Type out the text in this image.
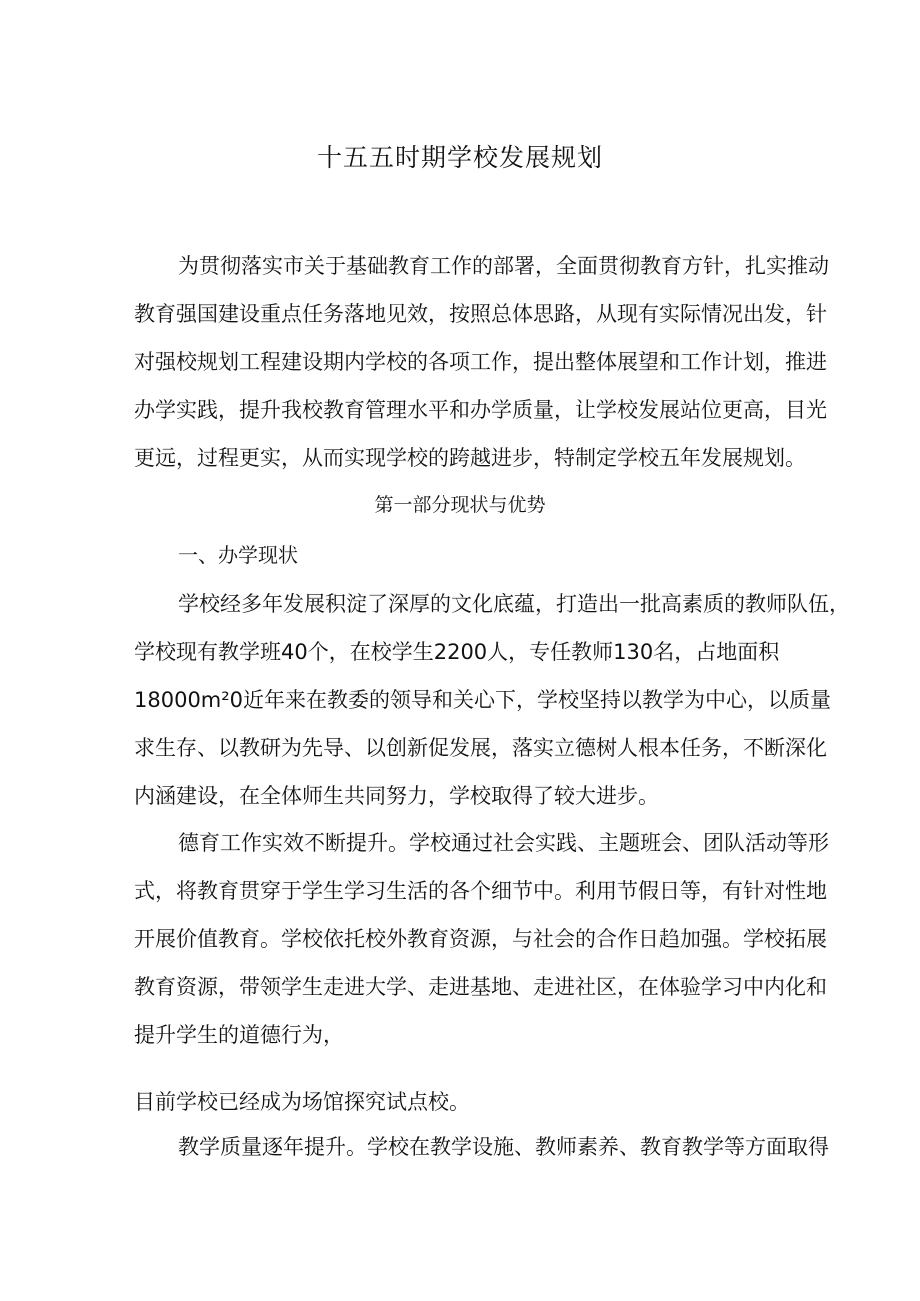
十五五时期学校发展规划
为贯彻落实市关于基础教育工作的部署，全面贯彻教育方针，扎实推动
教育强国建设重点任务落地见效，按照总体思路，从现有实际情况出发，针
对强校规划工程建设期内学校的各项工作，提出整体展望和工作计划，推进
办学实践，提升我校教育管理水平和办学质量，让学校发展站位更高，目光
更远，过程更实，从而实现学校的跨越进步，特制定学校五年发展规划。
第一部分现状与优势
一、办学现状
学校经多年发展积淀了深厚的文化底蕴，打造出一批高素质的教师队伍，
学校现有教学班40个，在校学生2200人，专任教师130名，占地面积
18000m²0近年来在教委的领导和关心下，学校坚持以教学为中心，以质量
求生存、以教研为先导、以创新促发展，落实立德树人根本任务，不断深化
内涵建设，在全体师生共同努力，学校取得了较大进步。
德育工作实效不断提升。学校通过社会实践、主题班会、团队活动等形
式，将教育贯穿于学生学习生活的各个细节中。利用节假日等，有针对性地
开展价值教育。学校依托校外教育资源，与社会的合作日趋加强。学校拓展
教育资源，带领学生走进大学、走进基地、走进社区，在体验学习中内化和
提升学生的道德行为，
目前学校已经成为场馆探究试点校。
教学质量逐年提升。学校在教学设施、教师素养、教育教学等方面取得
